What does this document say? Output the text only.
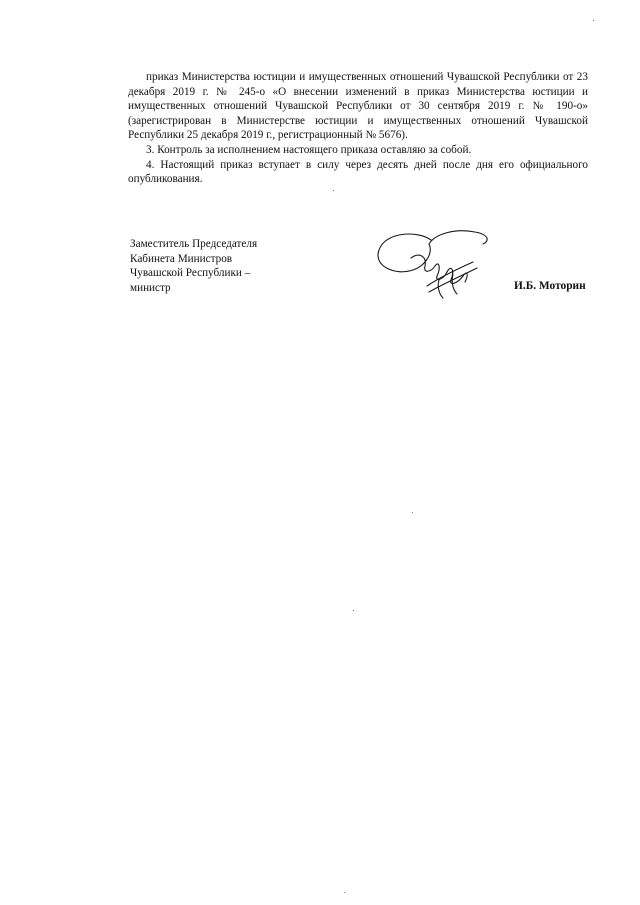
приказ Министерства юстиции и имущественных отношений Чувашской Республики от 23 декабря 2019 г. № 245-о «О внесении изменений в приказ Министерства юстиции и имущественных отношений Чувашской Республики от 30 сентября 2019 г. № 190-о» (зарегистрирован в Министерстве юстиции и имущественных отношений Чувашской Республики 25 декабря 2019 г., регистрационный № 5676).

3. Контроль за исполнением настоящего приказа оставляю за собой.

4. Настоящий приказ вступает в силу через десять дней после дня его официального опубликования.

Заместитель Председателя
Кабинета Министров
Чувашской Республики –
министр	И.Б. Моторин
